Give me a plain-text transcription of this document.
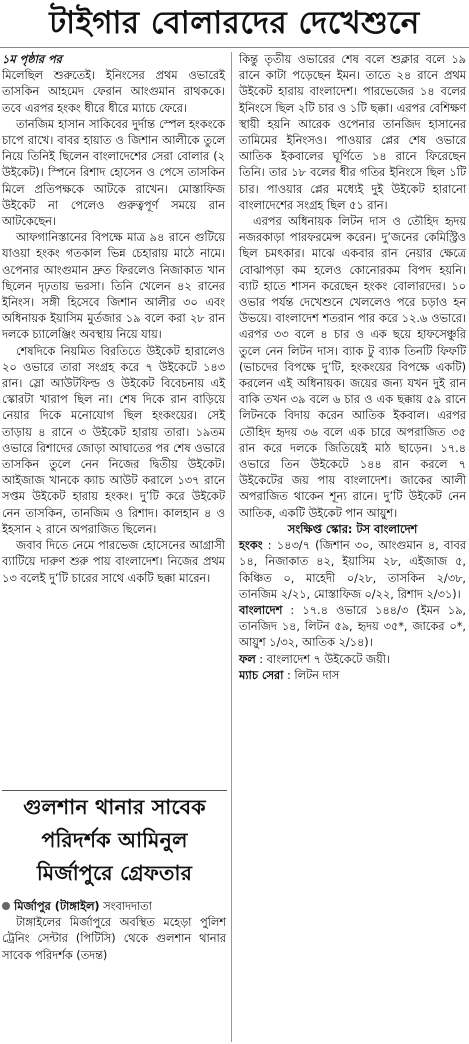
টাইগার বোলারদের দেখেশুনে
১ম পৃষ্ঠার পর

মিলেছিল শুরুতেই। ইনিংসের প্রথম ওভারেই তাসকিন আহমেদ ফেরান আংগুমান রাথককে। তবে এরপর হংকং ধীরে ধীরে ম্যাচে ফেরে।

তানজিম হাসান সাকিবের দুর্দান্ত স্পেল হংকংকে চাপে রাখে। বাবর হায়াত ও জিশান আলীকে তুলে নিয়ে তিনিই ছিলেন বাংলাদেশের সেরা বোলার (২ উইকেট)। স্পিনে রিশাদ হোসেন ও পেসে তাসকিন মিলে প্রতিপক্ষকে আটকে রাখেন। মোস্তাফিজ উইকেট না পেলেও গুরুত্বপূর্ণ সময়ে রান আটকেছেন।

আফগানিস্তানের বিপক্ষে মাত্র ৯৪ রানে গুটিয়ে যাওয়া হংকং গতকাল ভিন্ন চেহারায় মাঠে নামে। ওপেনার আংগুমান দ্রুত ফিরলেও নিজাকাত খান ছিলেন দৃঢ়তায় ভরসা। তিনি খেলেন ৪২ রানের ইনিংস। সঙ্গী হিসেবে জিশান আলীর ৩০ এবং অধিনায়ক ইয়াসিম মুর্তজার ১৯ বলে করা ২৮ রান দলকে চ্যালেঞ্জিং অবস্থায় নিয়ে যায়।

শেষদিকে নিয়মিত বিরতিতে উইকেট হারালেও ২০ ওভারে তারা সংগ্রহ করে ৭ উইকেটে ১৪৩ রান। স্লো আউটফিল্ড ও উইকেট বিবেচনায় এই স্কোরটা খারাপ ছিল না। শেষ দিকে রান বাড়িয়ে নেয়ার দিকে মনোযোগ ছিল হংকংয়ের। সেই তাড়ায় ৪ রানে ৩ উইকেট হারায় তারা। ১৯তম ওভারে রিশাদের জোড়া আঘাতের পর শেষ ওভারে তাসকিন তুলে নেন নিজের দ্বিতীয় উইকেট। আইজাজ খানকে ক্যাচ আউট করালে ১৩৭ রানে সপ্তম উইকেট হারায় হংকং। দু’টি করে উইকেট নেন তাসকিন, তানজিম ও রিশাদ। কালহান ৪ ও ইহসান ২ রানে অপরাজিত ছিলেন।

জবাব দিতে নেমে পারভেজ হোসেনের আগ্রাসী ব্যাটিয়ে দারুণ শুরু পায় বাংলাদেশ। নিজের প্রথম ১৩ বলেই দু’টি চারের সাথে একটি ছক্কা মারেন।

গুলশান থানার সাবেক
পরিদর্শক আমিনুল
মির্জাপুরে গ্রেফতার

মির্জাপুর (টাঙ্গাইল) সংবাদদাতা

টাঙ্গাইলের মির্জাপুরে অবস্থিত মহেড়া পুলিশ ট্রেনিং সেন্টার (পিটিসি) থেকে গুলশান থানার সাবেক পরিদর্শক (তদন্ত)

কিন্তু তৃতীয় ওভারের শেষ বলে শুক্লার বলে ১৯ রানে কাটা পড়েছেন ইমন। তাতে ২৪ রানে প্রথম উইকেট হারায় বাংলাদেশ। পারভেজের ১৪ বলের ইনিংসে ছিল ২টি চার ও ১টি ছক্কা। এরপর বেশিক্ষণ স্থায়ী হয়নি আরেক ওপেনার তানজিদ হাসানের তামিমের ইনিংসও। পাওয়ার প্লের শেষ ওভারে আতিক ইকবালের ঘূর্ণিতে ১৪ রানে ফিরেছেন তিনি। তার ১৮ বলের ধীর গতির ইনিংসে ছিল ১টি চার। পাওয়ার প্লের মধ্যেই দুই উইকেট হারানো বাংলাদেশের সংগ্রহ ছিল ৫১ রান।

এরপর অধিনায়ক লিটন দাস ও তৌহিদ হৃদয় নজরকাড়া পারফরমেন্স করেন। দু’জনের কেমিস্ট্রিও ছিল চমৎকার। মাঝে একবার রান নেয়ার ক্ষেত্রে বোঝাপড়া কম হলেও কোনোরকম বিপদ হয়নি। ব্যাট হাতে শাসন করেছেন হংকং বোলারদের। ১০ ওভার পর্যন্ত দেখেশুনে খেললেও পরে চড়াও হন উভয়ে। বাংলাদেশ শতরান পার করে ১২.৬ ওভারে। এরপর ৩৩ বলে ৪ চার ও এক ছয়ে হাফসেঞ্চুরি তুলে নেন লিটন দাস। ব্যাক টু ব্যাক তিনটি ফিফটি (ভাচদের বিপক্ষে দু’টি, হংকংয়ের বিপক্ষে একটি) করলেন এই অধিনায়ক। জয়ের জন্য যখন দুই রান বাকি তখন ৩৯ বলে ৬ চার ও এক ছক্কায় ৫৯ রানে লিটনকে বিদায় করেন আতিক ইকবাল। এরপর তৌহিদ হৃদয় ৩৬ বলে এক চারে অপরাজিত ৩৫ রান করে দলকে জিতিয়েই মাঠ ছাড়েন। ১৭.৪ ওভারে তিন উইকেটে ১৪৪ রান করলে ৭ উইকেটের জয় পায় বাংলাদেশ। জাকের আলী অপরাজিত থাকেন শূন্য রানে। দু’টি উইকেট নেন আতিক, একটি উইকেট পান আয়ুশ।

সংক্ষিপ্ত স্কোর: টস বাংলাদেশ

হংকং : ১৪৩/৭ (জিশান ৩০, আংগুমান ৪, বাবর ১৪, নিজাকাত ৪২, ইয়াসিম ২৮, এইজাজ ৫, কিঞ্চিত ০, মাহেদী ০/২৮, তাসকিন ২/৩৮, তানজিম ২/২১, মোস্তাফিজ ০/২২, রিশাদ ২/৩১)।

বাংলাদেশ : ১৭.৪ ওভারে ১৪৪/৩ (ইমন ১৯, তানজিদ ১৪, লিটন ৫৯, হৃদয় ৩৫*, জাকের ০*, আয়ুশ ১/৩২, আতিক ২/১৪)।

ফল : বাংলাদেশ ৭ উইকেটে জয়ী।

ম্যাচ সেরা : লিটন দাস
